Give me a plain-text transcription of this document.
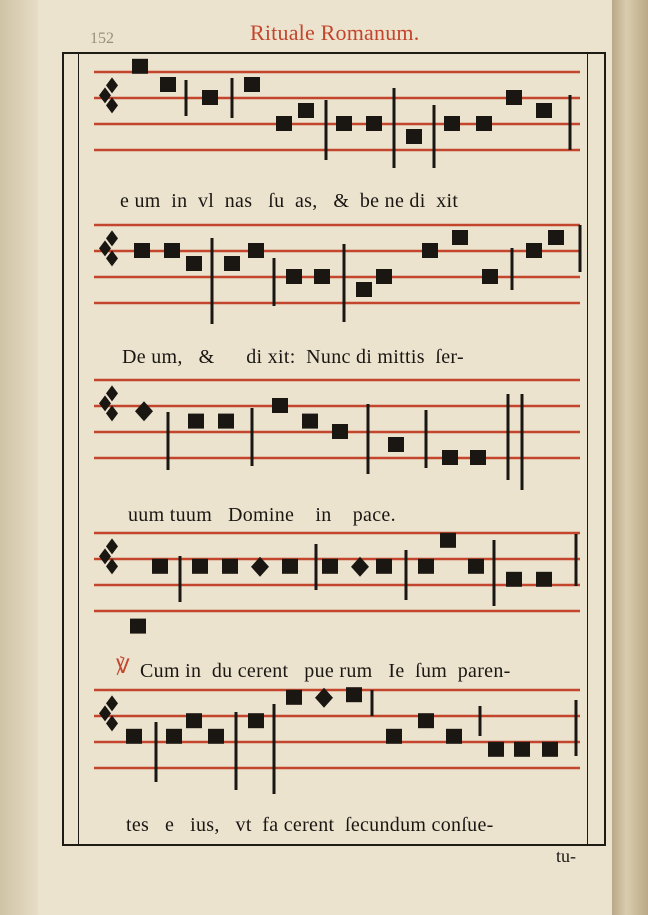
152	Rituale Romanum.
e um  in  vl  nas   ſu  as,   &  be ne di  xit
De um,   &      di xit:  Nunc di mittis  ſer-
uum tuum   Domine    in    pace.
℣ Cum in  du cerent   pue rum   Ie  ſum  paren-
tes   e   ius,   vt  fa cerent  ſecundum conſue-
tu-
